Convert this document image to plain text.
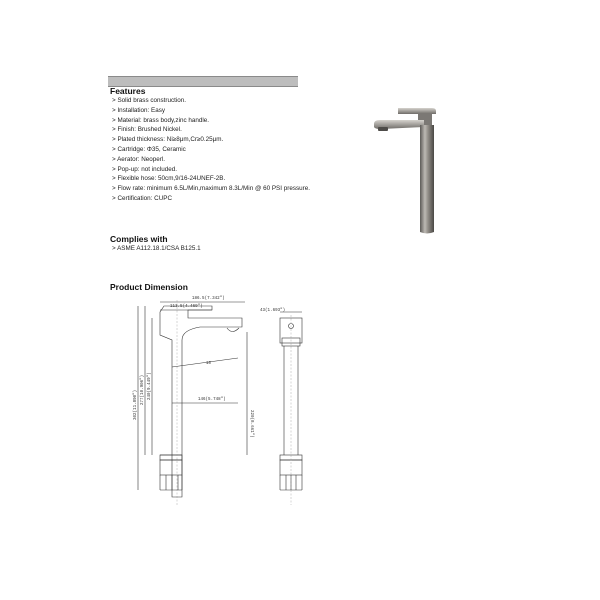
Features
> Solid brass construction.
> Installation: Easy
> Material: brass body,zinc handle.
> Finish: Brushed Nickel.
> Plated thickness: Ni≥8μm,Cr≥0.25μm.
> Cartridge: Φ35, Ceramic
> Aerator: Neoperl.
> Pop-up: not included.
> Flexible hose: 50cm,9/16-24UNEF-2B.
> Flow rate: minimum 6.5L/Min,maximum 8.3L/Min @ 60 PSI pressure.
> Certification: CUPC
Complies with
> ASME A112.18.1/CSA B125.1
Product Dimension
186.5(7.342")
113.5(4.469")
43(1.693")
10
146(5.748")
220(8.661")
302(11.890") 277(10.906") 240(9.449")
